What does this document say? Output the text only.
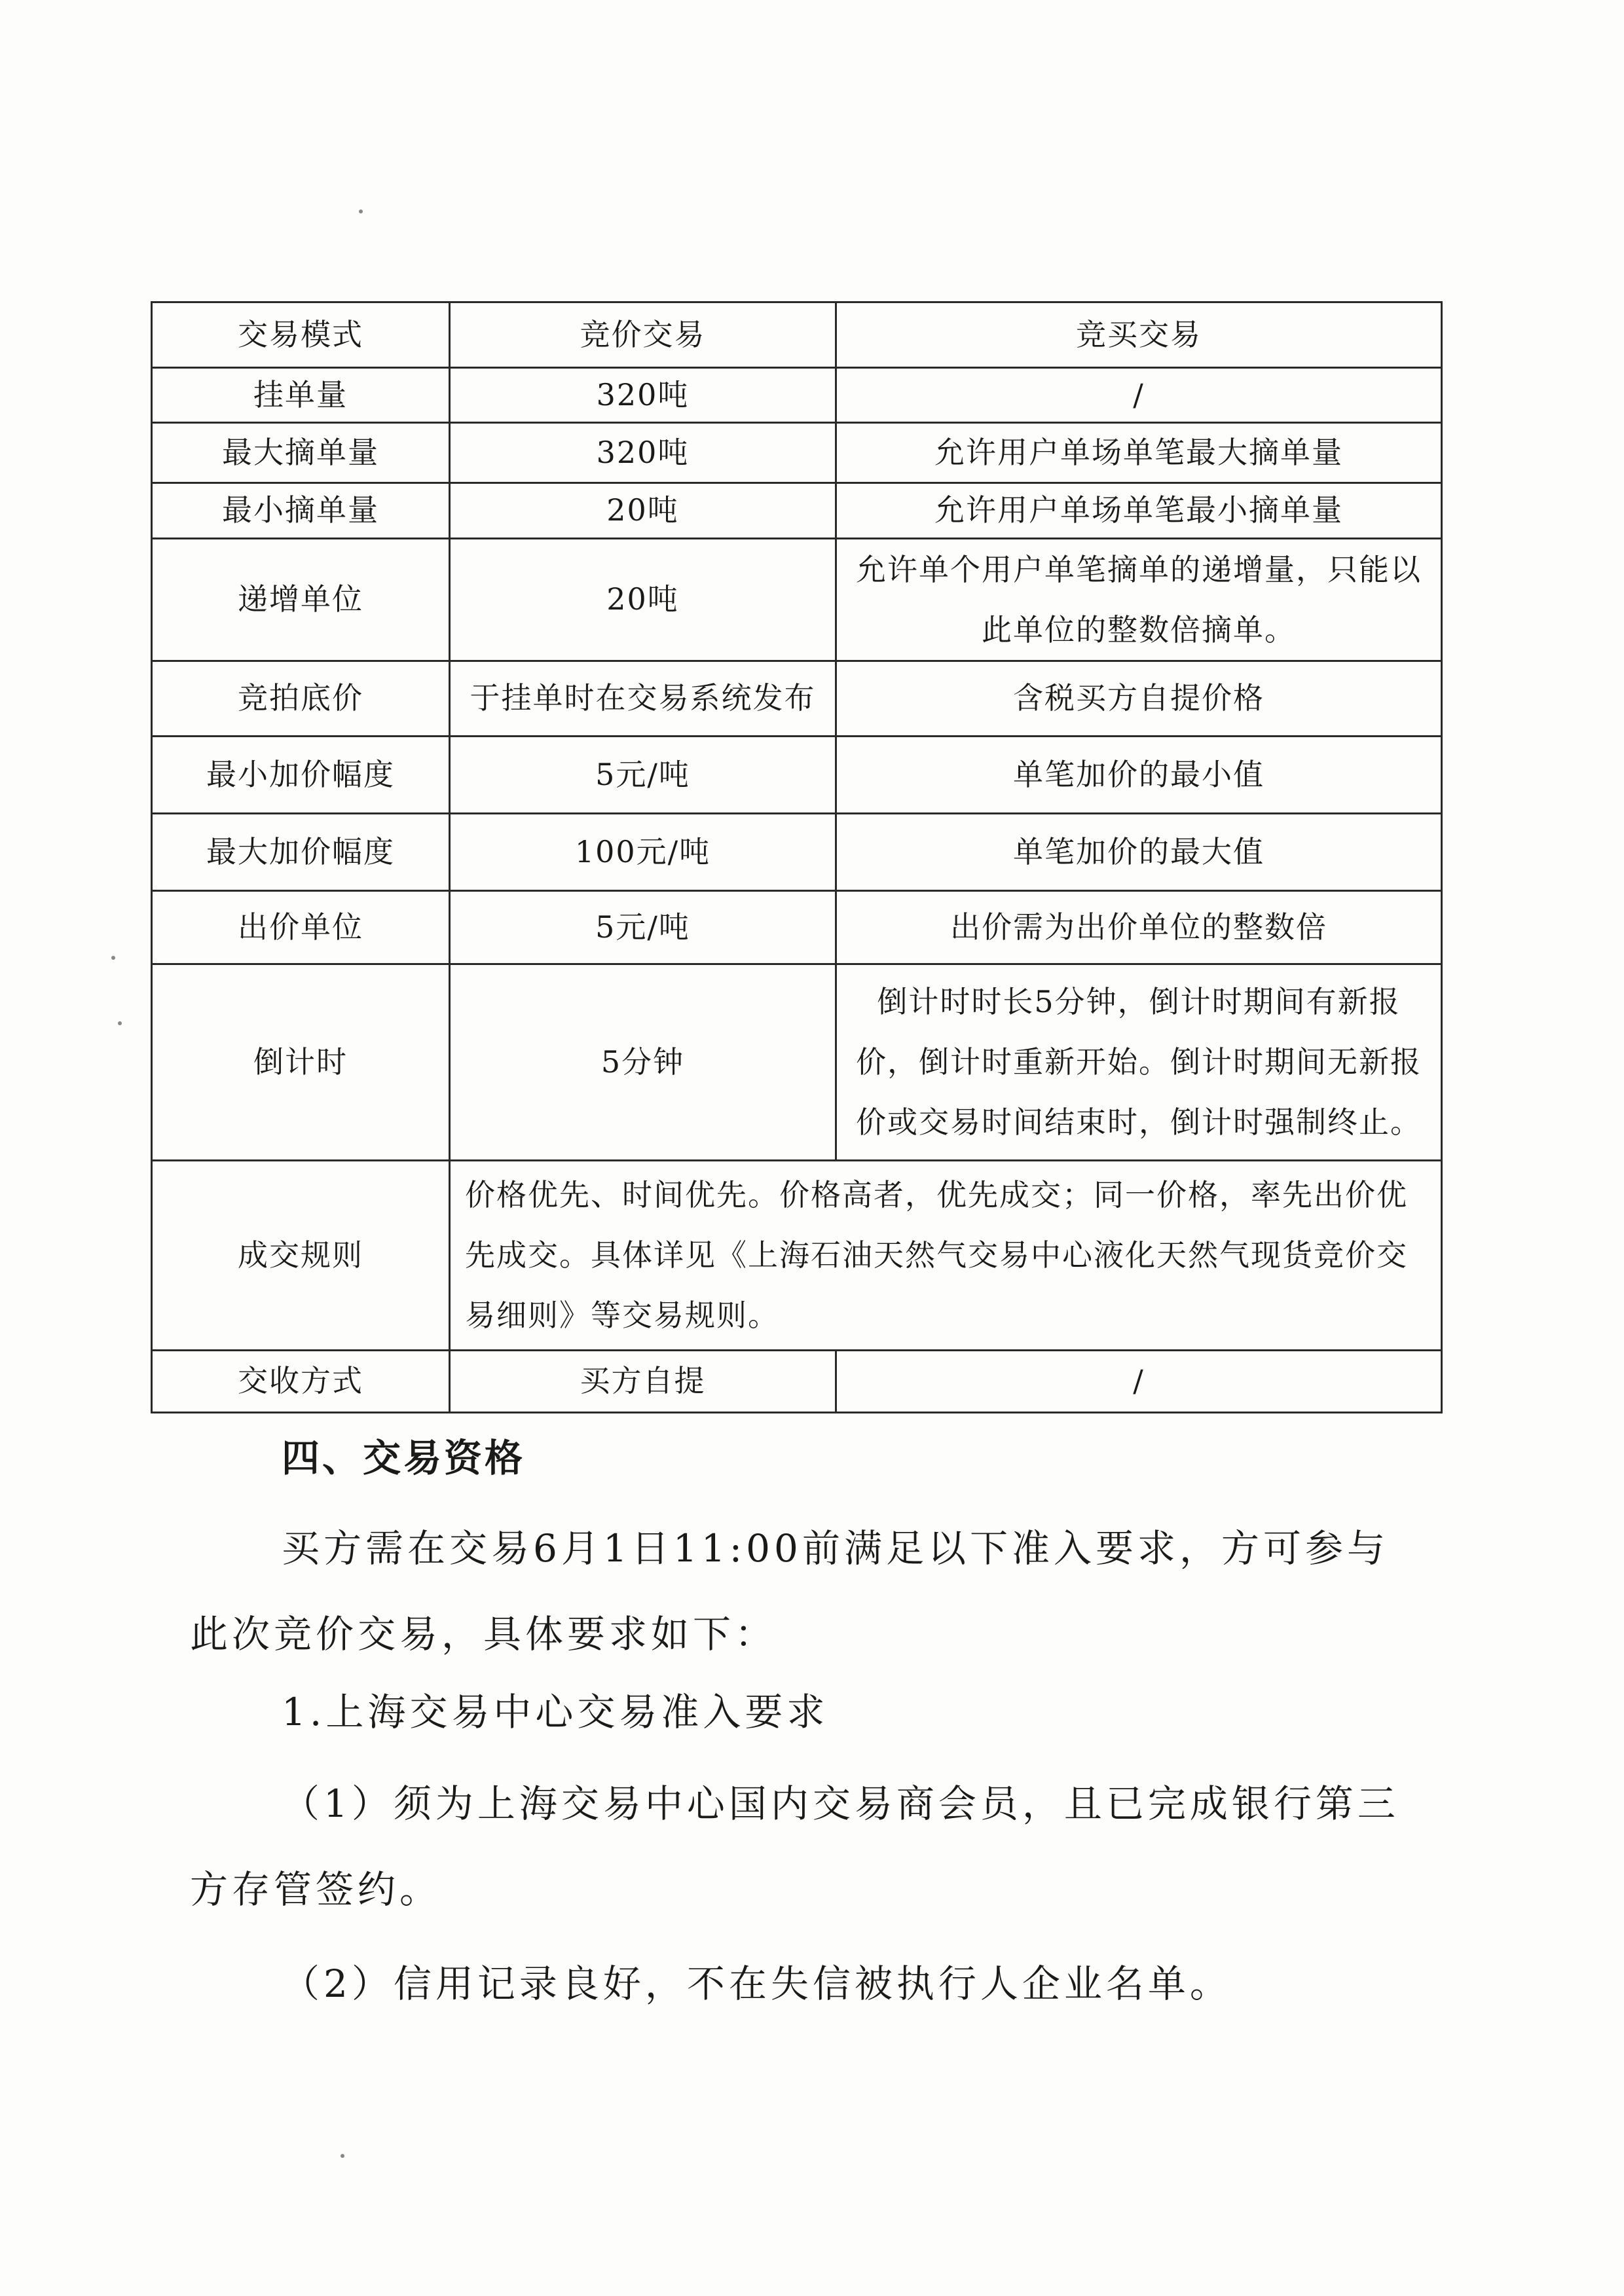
交易模式	竞价交易	竞买交易
挂单量	320吨	/
最大摘单量	320吨	允许用户单场单笔最大摘单量
最小摘单量	20吨	允许用户单场单笔最小摘单量
递增单位	20吨	允许单个用户单笔摘单的递增量，只能以此单位的整数倍摘单。
竞拍底价	于挂单时在交易系统发布	含税买方自提价格
最小加价幅度	5元/吨	单笔加价的最小值
最大加价幅度	100元/吨	单笔加价的最大值
出价单位	5元/吨	出价需为出价单位的整数倍
倒计时	5分钟	倒计时时长5分钟，倒计时期间有新报价，倒计时重新开始。倒计时期间无新报价或交易时间结束时，倒计时强制终止。
成交规则	价格优先、时间优先。价格高者，优先成交；同一价格，率先出价优先成交。具体详见《上海石油天然气交易中心液化天然气现货竞价交易细则》等交易规则。	
交收方式	买方自提	/
四、交易资格

买方需在交易6月1日11:00前满足以下准入要求，方可参与此次竞价交易，具体要求如下：

1.上海交易中心交易准入要求

（1）须为上海交易中心国内交易商会员，且已完成银行第三方存管签约。

（2）信用记录良好，不在失信被执行人企业名单。
